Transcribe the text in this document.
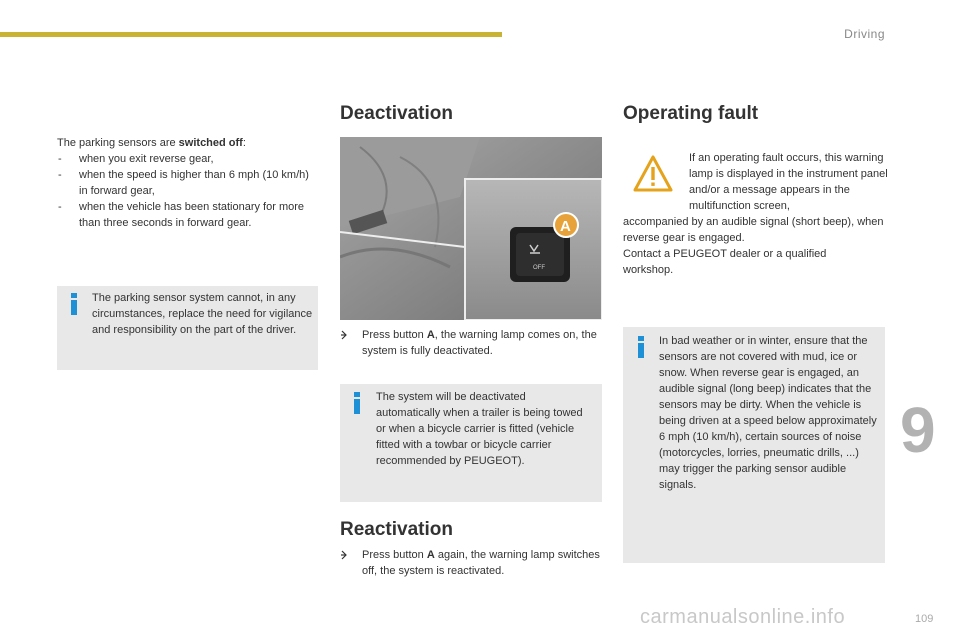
Driving

The parking sensors are switched off:

- when you exit reverse gear,
- when the speed is higher than 6 mph (10 km/h) in forward gear,
- when the vehicle has been stationary for more than three seconds in forward gear.
The parking sensor system cannot, in any circumstances, replace the need for vigilance and responsibility on the part of the driver.
Deactivation
OFF
A
Press button A, the warning lamp comes on, the system is fully deactivated.
The system will be deactivated automatically when a trailer is being towed or when a bicycle carrier is fitted (vehicle fitted with a towbar or bicycle carrier recommended by PEUGEOT).
Reactivation
Press button A again, the warning lamp switches off, the system is reactivated.
Operating fault
If an operating fault occurs, this warning lamp is displayed in the instrument panel and/or a message appears in the multifunction screen,
accompanied by an audible signal (short beep), when reverse gear is engaged.
Contact a PEUGEOT dealer or a qualified workshop.
In bad weather or in winter, ensure that the sensors are not covered with mud, ice or snow. When reverse gear is engaged, an audible signal (long beep) indicates that the sensors may be dirty. When the vehicle is being driven at a speed below approximately 6 mph (10 km/h), certain sources of noise (motorcycles, lorries, pneumatic drills, ...) may trigger the parking sensor audible signals.
9
carmanualsonline.info	109
